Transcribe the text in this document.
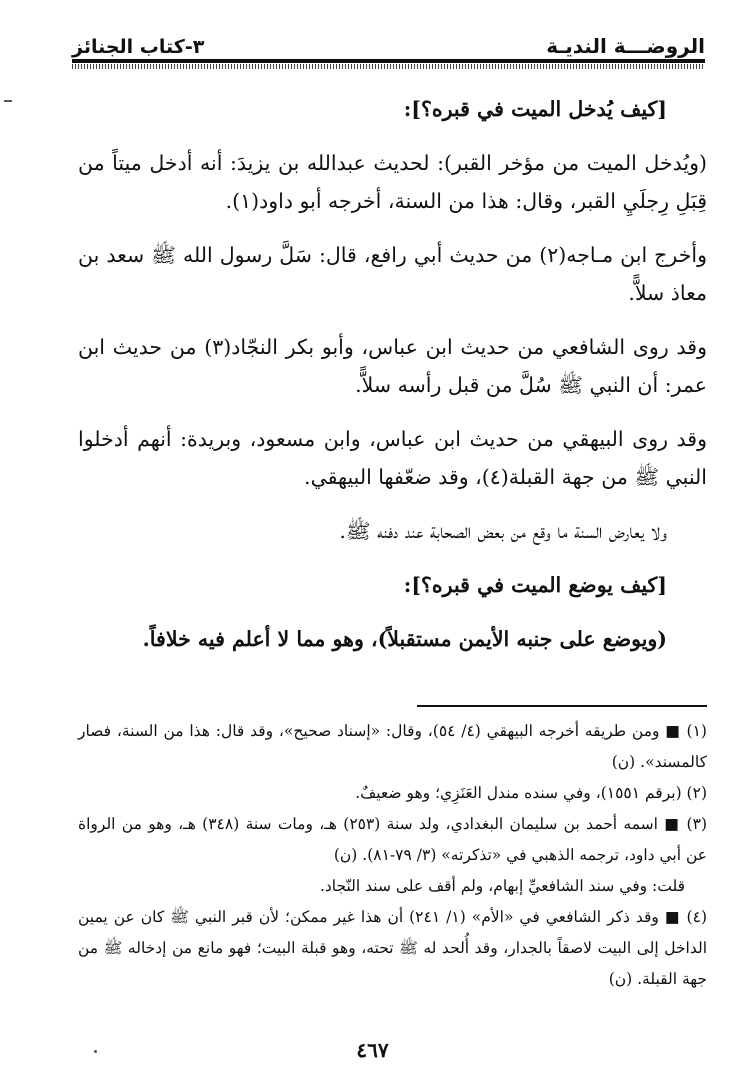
الروضـــة النديـة
٣-كتاب الجنائز

[كيف يُدخل الميت في قبره؟]:

(ويُدخل الميت من مؤخر القبر): لحديث عبدالله بن يزيدَ: أنه أدخل ميتاً من قِبَلِ رِجلَيِ القبر، وقال: هذا من السنة، أخرجه أبو داود(١).

وأخرج ابن مـاجه(٢) من حديث أبي رافع، قال: سَلَّ رسول الله ﷺ سعد بن معاذ سلاًّ.

وقد روى الشافعي من حديث ابن عباس، وأبو بكر النجّاد(٣) من حديث ابن عمر: أن النبي ﷺ سُلَّ من قبل رأسه سلاًّ.

وقد روى البيهقي من حديث ابن عباس، وابن مسعود، وبريدة: أنهم أدخلوا النبي ﷺ من جهة القبلة(٤)، وقد ضعّفها البيهقي.

ولا يعارض السنة ما وقع من بعض الصحابة عند دفنه ﷺ.

[كيف يوضع الميت في قبره؟]:

(ويوضع على جنبه الأيمن مستقبلاً)، وهو مما لا أعلم فيه خلافاً.

(١) ■ ومن طريقه أخرجه البيهقي (٤/ ٥٤)، وقال: «إسناد صحيح»، وقد قال: هذا من السنة، فصار كالمسند». (ن)

(٢) (برقم ١٥٥١)، وفي سنده مندل العَنَزِي؛ وهو ضعيفٌ.

(٣) ■ اسمه أحمد بن سليمان البغدادي، ولد سنة (٢٥٣) هـ، ومات سنة (٣٤٨) هـ، وهو من الرواة عن أبي داود، ترجمه الذهبي في «تذكرته» (٣/ ٧٩-٨١). (ن)

قلت: وفي سند الشافعيِّ إبهام، ولم أقف على سند النّجاد.

(٤) ■ وقد ذكر الشافعي في «الأم» (١/ ٢٤١) أن هذا غير ممكن؛ لأن قبر النبي ﷺ كان عن يمين الداخل إلى البيت لاصقاً بالجدار، وقد أُلحد له ﷺ تحته، وهو قبلة البيت؛ فهو مانع من إدخاله ﷺ من جهة القبلة. (ن)

٤٦٧
